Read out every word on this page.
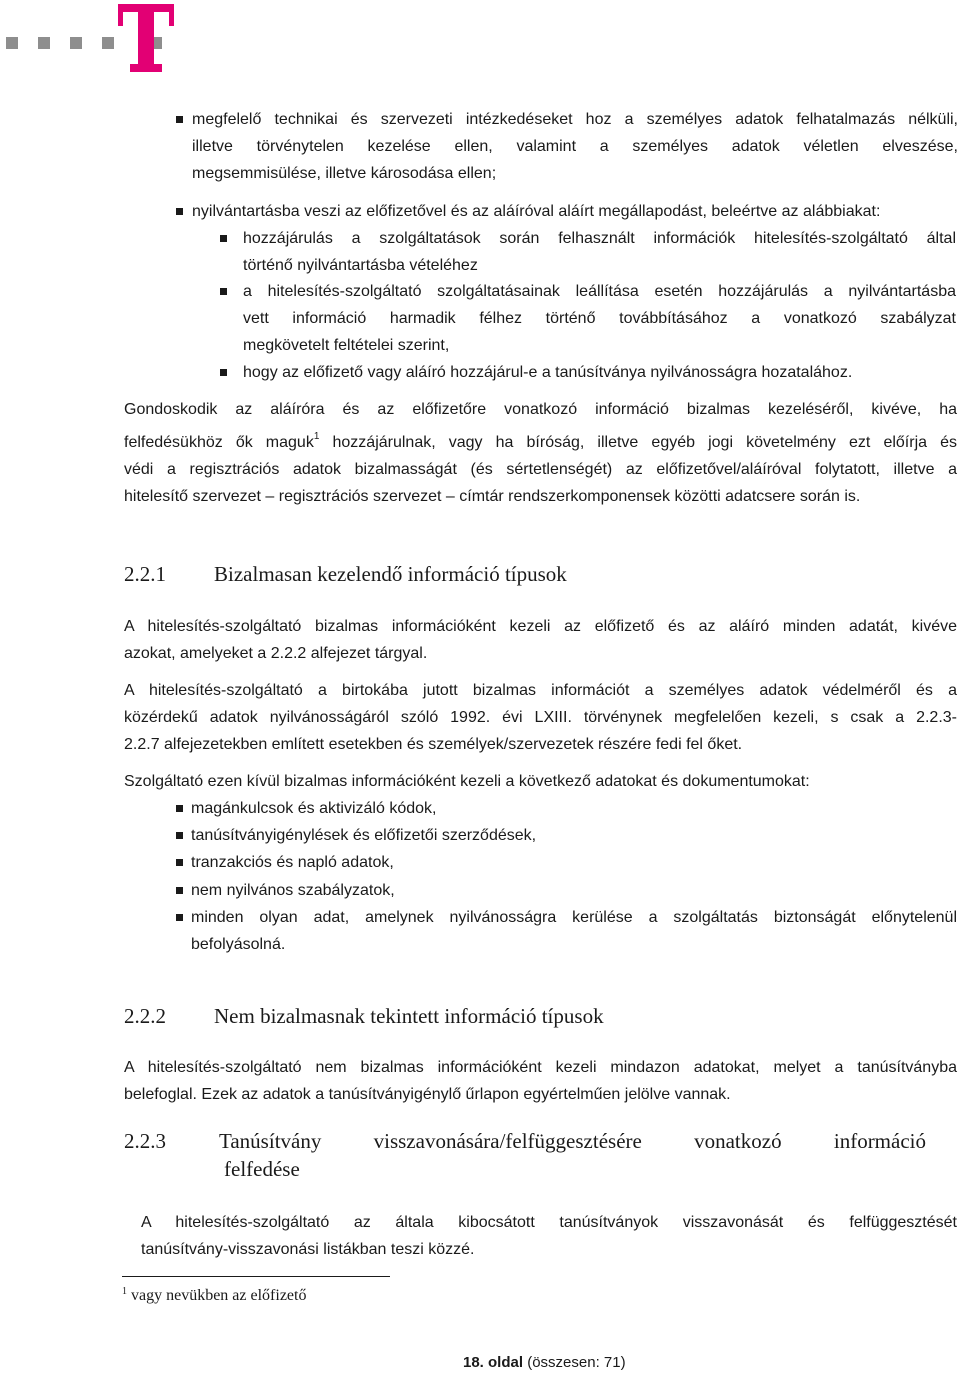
megfelelő technikai és szervezeti intézkedéseket hoz a személyes adatok felhatalmazás nélküli,
illetve törvénytelen kezelése ellen, valamint a személyes adatok véletlen elveszése,
megsemmisülése, illetve károsodása ellen;
nyilvántartásba veszi az előfizetővel és az aláíróval aláírt megállapodást, beleértve az alábbiakat:
hozzájárulás a szolgáltatások során felhasznált információk hitelesítés-szolgáltató által
történő nyilvántartásba vételéhez
a hitelesítés-szolgáltató szolgáltatásainak leállítása esetén hozzájárulás a nyilvántartásba
vett információ harmadik félhez történő továbbításához a vonatkozó szabályzat
megkövetelt feltételei szerint,
hogy az előfizető vagy aláíró hozzájárul-e a tanúsítványa nyilvánosságra hozatalához.
Gondoskodik az aláíróra és az előfizetőre vonatkozó információ bizalmas kezeléséről, kivéve, ha
felfedésükhöz ők maguk$^1$ hozzájárulnak, vagy ha bíróság, illetve egyéb jogi követelmény ezt előírja és
védi a regisztrációs adatok bizalmasságát (és sértetlenségét) az előfizetővel/aláíróval folytatott, illetve a
hitelesítő szervezet – regisztrációs szervezet – címtár rendszerkomponensek közötti adatcsere során is.
2.2.1 Bizalmasan kezelendő információ típusok
A hitelesítés-szolgáltató bizalmas információként kezeli az előfizető és az aláíró minden adatát, kivéve
azokat, amelyeket a 2.2.2 alfejezet tárgyal.
A hitelesítés-szolgáltató a birtokába jutott bizalmas információt a személyes adatok védelméről és a
közérdekű adatok nyilvánosságáról szóló 1992. évi LXIII. törvénynek megfelelően kezeli, s csak a 2.2.3-
2.2.7 alfejezetekben említett esetekben és személyek/szervezetek részére fedi fel őket.
Szolgáltató ezen kívül bizalmas információként kezeli a következő adatokat és dokumentumokat:
magánkulcsok és aktivizáló kódok,
tanúsítványigénylések és előfizetői szerződések,
tranzakciós és napló adatok,
nem nyilvános szabályzatok,
minden olyan adat, amelynek nyilvánosságra kerülése a szolgáltatás biztonságát előnytelenül
befolyásolná.
2.2.2 Nem bizalmasnak tekintett információ típusok
A hitelesítés-szolgáltató nem bizalmas információként kezeli mindazon adatokat, melyet a tanúsítványba
belefoglal. Ezek az adatok a tanúsítványigénylő űrlapon egyértelműen jelölve vannak.
2.2.3	Tanúsítvány visszavonására/felfüggesztésére vonatkozó információ
felfedése
A hitelesítés-szolgáltató az általa kibocsátott tanúsítványok visszavonását és felfüggesztését
tanúsítvány-visszavonási listákban teszi közzé.
$^1$ vagy nevükben az előfizető
18. oldal (összesen: 71)
